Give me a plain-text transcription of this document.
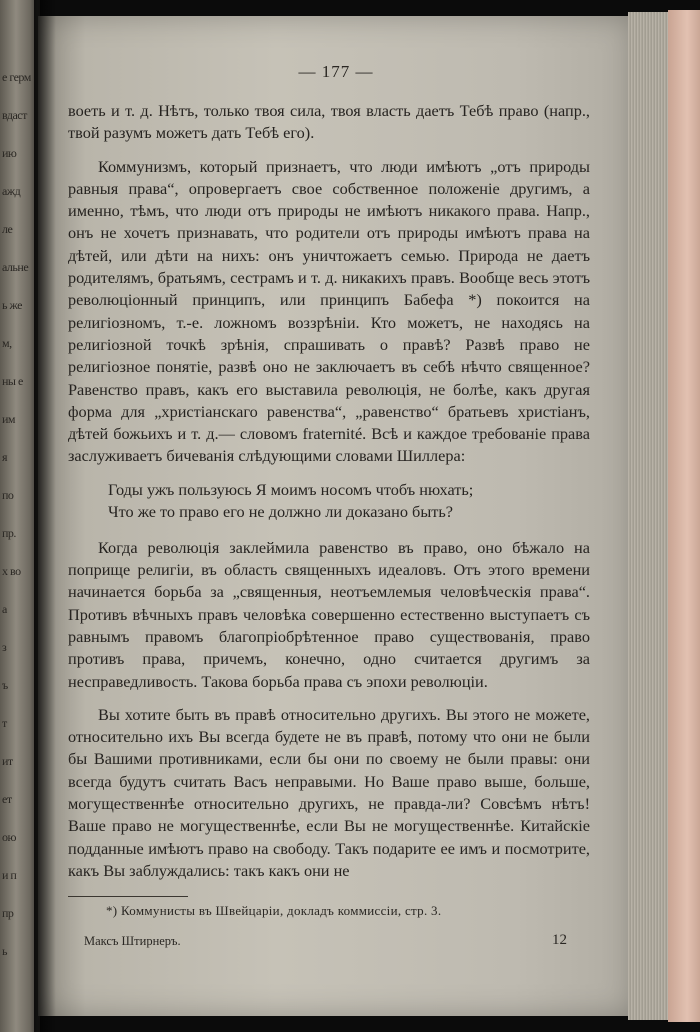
е герм
вдаст
ию
ажд
ле
альне
ь же
м,
ны е
им
я
по
пр.
х во
а
з
ъ
т
ит
ет
ою
и п
пр
ь
— 177 —

воеть и т. д. Нѣтъ, только твоя сила, твоя власть даетъ Тебѣ право (напр., твой разумъ можетъ дать Тебѣ его).

Коммунизмъ, который признаетъ, что люди имѣютъ „отъ природы равныя права“, опровергаетъ свое собственное положеніе другимъ, а именно, тѣмъ, что люди отъ природы не имѣютъ никакого права. Напр., онъ не хочетъ признавать, что родители отъ природы имѣютъ права на дѣтей, или дѣти на нихъ: онъ уничтожаетъ семью. Природа не даетъ родителямъ, братьямъ, сестрамъ и т. д. никакихъ правъ. Вообще весь этотъ революціонный принципъ, или принципъ Бабефа *) покоится на религіозномъ, т.-е. ложномъ воззрѣніи. Кто можетъ, не находясь на религіозной точкѣ зрѣнія, спрашивать о правѣ? Развѣ право не религіозное понятіе, развѣ оно не заключаетъ въ себѣ нѣчто священное? Равенство правъ, какъ его выставила революція, не болѣе, какъ другая форма для „христіанскаго равенства“, „равенство“ братьевъ христіанъ, дѣтей божьихъ и т. д.— словомъ fraternité. Всѣ и каждое требованіе права заслуживаетъ бичеванія слѣдующими словами Шиллера:

Годы ужъ пользуюсь Я моимъ носомъ чтобъ нюхать;
Что же то право его не должно ли доказано быть?

Когда революція заклеймила равенство въ право, оно бѣжало на поприще религіи, въ область священныхъ идеаловъ. Отъ этого времени начинается борьба за „священныя, неотъемлемыя человѣческія права“. Противъ вѣчныхъ правъ человѣка совершенно естественно выступаетъ съ равнымъ правомъ благопріобрѣтенное право существованія, право противъ права, причемъ, конечно, одно считается другимъ за несправедливость. Такова борьба права съ эпохи революціи.

Вы хотите быть въ правѣ относительно другихъ. Вы этого не можете, относительно ихъ Вы всегда будете не въ правѣ, потому что они не были бы Вашими противниками, если бы они по своему не были правы: они всегда будутъ считать Васъ неправыми. Но Ваше право выше, больше, могущественнѣе относительно другихъ, не правда-ли? Совсѣмъ нѣтъ! Ваше право не могущественнѣе, если Вы не могущественнѣе. Китайскіе подданные имѣютъ право на свободу. Такъ подарите ее имъ и посмотрите, какъ Вы заблуждались: такъ какъ они не

*) Коммунисты въ Швейцаріи, докладъ коммиссіи, стр. 3.
Максъ Штирнеръ.	12
